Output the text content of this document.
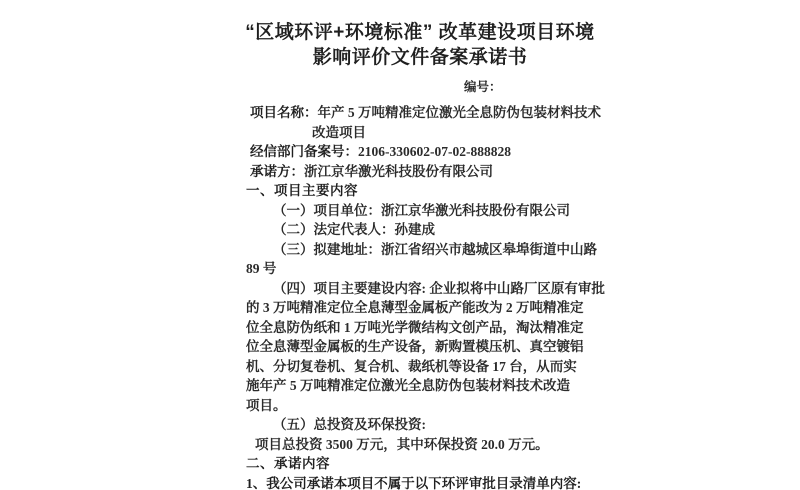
“区域环评+环境标准” 改革建设项目环境
影响评价文件备案承诺书
编号：
项目名称：年产 5 万吨精准定位激光全息防伪包装材料技术
改造项目
经信部门备案号：2106-330602-07-02-888828
承诺方：浙江京华激光科技股份有限公司
一、项目主要内容
（一）项目单位：浙江京华激光科技股份有限公司
（二）法定代表人：孙建成
（三）拟建地址：浙江省绍兴市越城区皋埠街道中山路
89 号
（四）项目主要建设内容: 企业拟将中山路厂区原有审批
的 3 万吨精准定位全息薄型金属板产能改为 2 万吨精准定
位全息防伪纸和 1 万吨光学微结构文创产品，淘汰精准定
位全息薄型金属板的生产设备，新购置模压机、真空镀铝
机、分切复卷机、复合机、裁纸机等设备 17 台，从而实
施年产 5 万吨精准定位激光全息防伪包装材料技术改造
项目。
（五）总投资及环保投资:
项目总投资 3500 万元，其中环保投资 20.0 万元。
二、承诺内容
1、我公司承诺本项目不属于以下环评审批目录清单内容:
